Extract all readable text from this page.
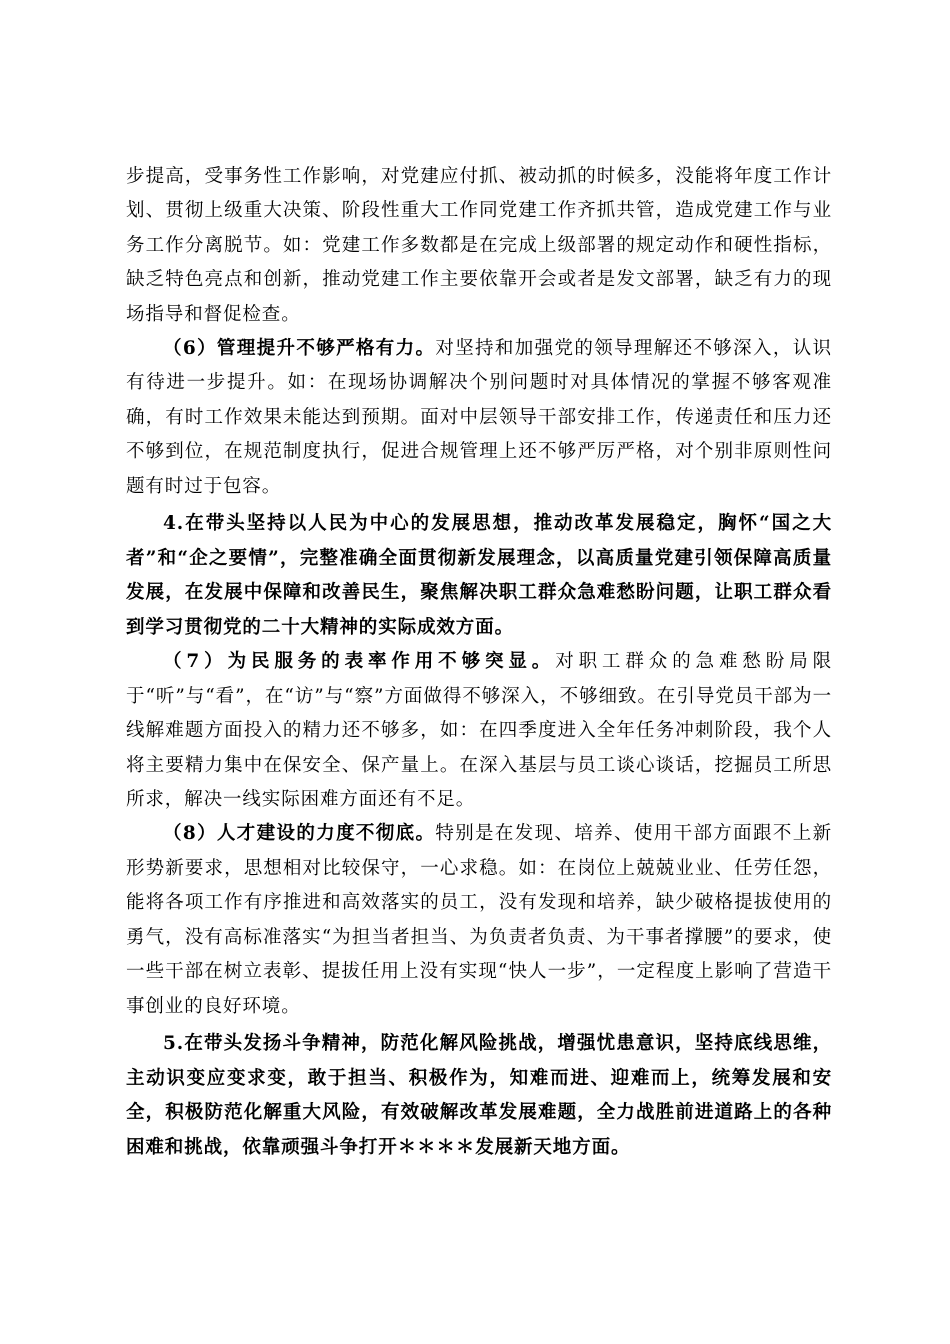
步提高，受事务性工作影响，对党建应付抓、被动抓的时候多，没能将年度工作计划、贯彻上级重大决策、阶段性重大工作同党建工作齐抓共管，造成党建工作与业务工作分离脱节。如：党建工作多数都是在完成上级部署的规定动作和硬性指标，缺乏特色亮点和创新，推动党建工作主要依靠开会或者是发文部署，缺乏有力的现场指导和督促检查。

（6）管理提升不够严格有力。对坚持和加强党的领导理解还不够深入，认识有待进一步提升。如：在现场协调解决个别问题时对具体情况的掌握不够客观准确，有时工作效果未能达到预期。面对中层领导干部安排工作，传递责任和压力还不够到位，在规范制度执行，促进合规管理上还不够严厉严格，对个别非原则性问题有时过于包容。

4.在带头坚持以人民为中心的发展思想，推动改革发展稳定，胸怀“国之大者”和“企之要情”，完整准确全面贯彻新发展理念，以高质量党建引领保障高质量发展，在发展中保障和改善民生，聚焦解决职工群众急难愁盼问题，让职工群众看到学习贯彻党的二十大精神的实际成效方面。

（7）为民服务的表率作用不够突显。对职工群众的急难愁盼局限于“听”与“看”，在“访”与“察”方面做得不够深入，不够细致。在引导党员干部为一线解难题方面投入的精力还不够多，如：在四季度进入全年任务冲刺阶段，我个人将主要精力集中在保安全、保产量上。在深入基层与员工谈心谈话，挖掘员工所思所求，解决一线实际困难方面还有不足。

（8）人才建设的力度不彻底。特别是在发现、培养、使用干部方面跟不上新形势新要求，思想相对比较保守，一心求稳。如：在岗位上兢兢业业、任劳任怨，能将各项工作有序推进和高效落实的员工，没有发现和培养，缺少破格提拔使用的勇气，没有高标准落实“为担当者担当、为负责者负责、为干事者撑腰”的要求，使一些干部在树立表彰、提拔任用上没有实现“快人一步”，一定程度上影响了营造干事创业的良好环境。

5.在带头发扬斗争精神，防范化解风险挑战，增强忧患意识，坚持底线思维，主动识变应变求变，敢于担当、积极作为，知难而进、迎难而上，统筹发展和安全，积极防范化解重大风险，有效破解改革发展难题，全力战胜前进道路上的各种困难和挑战，依靠顽强斗争打开＊＊＊＊发展新天地方面。
